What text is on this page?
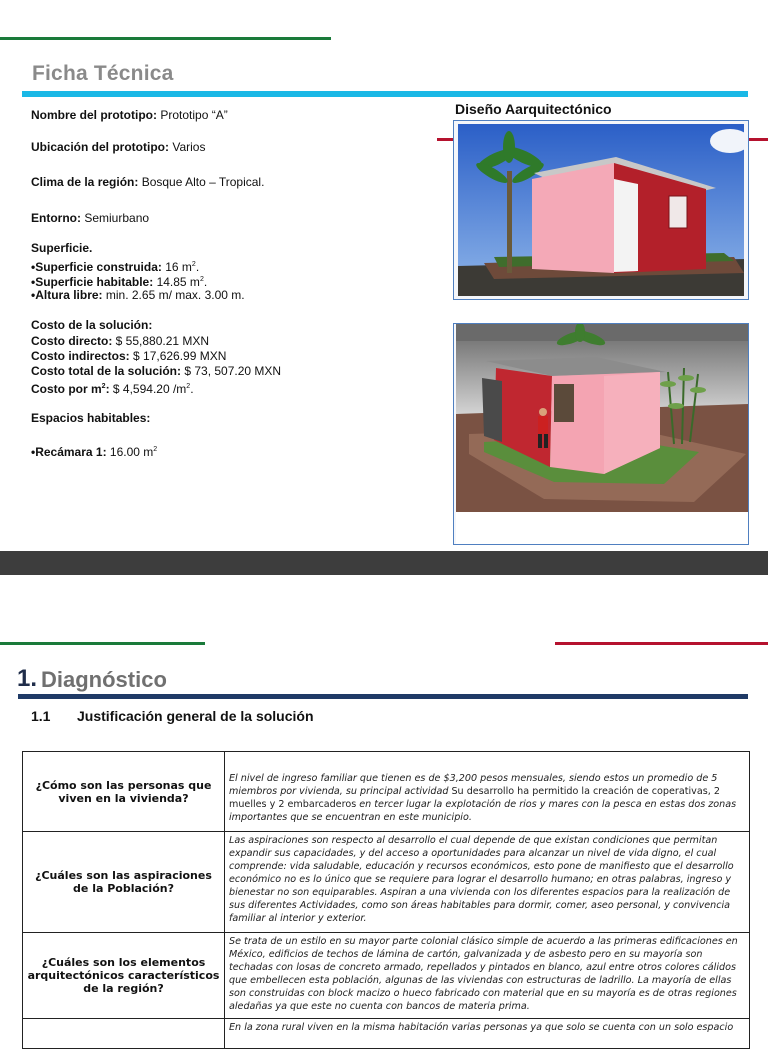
Ficha Técnica
Nombre del prototipo: Prototipo “A”
Ubicación del prototipo: Varios
Clima de la región: Bosque Alto – Tropical.
Entorno: Semiurbano
Superficie.
•Superficie construida: 16 $m^2$.
•Superficie habitable: 14.85 $m^2$.
•Altura libre: min. 2.65 m/ max. 3.00 m.
Costo de la solución:
Costo directo: $ 55,880.21 MXN
Costo indirectos: $ 17,626.99 MXN
Costo total de la solución: $ 73, 507.20 MXN
Costo por $m^2$: $ 4,594.20 $/m^2$.
Espacios habitables:
•Recámara 1: 16.00 $m^2$
Diseño Aarquitectónico
1. Diagnóstico
1.1 Justificación general de la solución
¿Cómo son las personas que viven en la vivienda?	El nivel de ingreso familiar que tienen es de $3,200 pesos mensuales, siendo estos un promedio de 5 miembros por vivienda, su principal actividad Su desarrollo ha permitido la creación de coperativas, 2 muelles y 2 embarcaderos en tercer lugar la explotación de rios y mares con la pesca en estas dos zonas importantes que se encuentran en este municipio.
¿Cuáles son las aspiraciones de la Población?	Las aspiraciones son respecto al desarrollo el cual depende de que existan condiciones que permitan expandir sus capacidades, y del acceso a oportunidades para alcanzar un nivel de vida digno, el cual comprende: vida saludable, educación y recursos económicos, esto pone de manifiesto que el desarrollo económico no es lo único que se requiere para lograr el desarrollo humano; en otras palabras, ingreso y bienestar no son equiparables. Aspiran a una vivienda con los diferentes espacios para la realización de sus diferentes Actividades, como son áreas habitables para dormir, comer, aseo personal, y convivencia familiar al interior y exterior.
¿Cuáles son los elementos arquitectónicos característicos de la región?	Se trata de un estilo en su mayor parte colonial clásico simple de acuerdo a las primeras edificaciones en México, edificios de techos de lámina de cartón, galvanizada y de asbesto pero en su mayoría son techadas con losas de concreto armado, repellados y pintados en blanco, azul entre otros colores cálidos que embellecen esta población, algunas de las viviendas con estructuras de ladrillo. La mayoría de ellas son construidas con block macizo o hueco fabricado con material que en su mayoría es de otras regiones aledañas ya que este no cuenta con bancos de materia prima.
	En la zona rural viven en la misma habitación varias personas ya que solo se cuenta con un solo espacio
